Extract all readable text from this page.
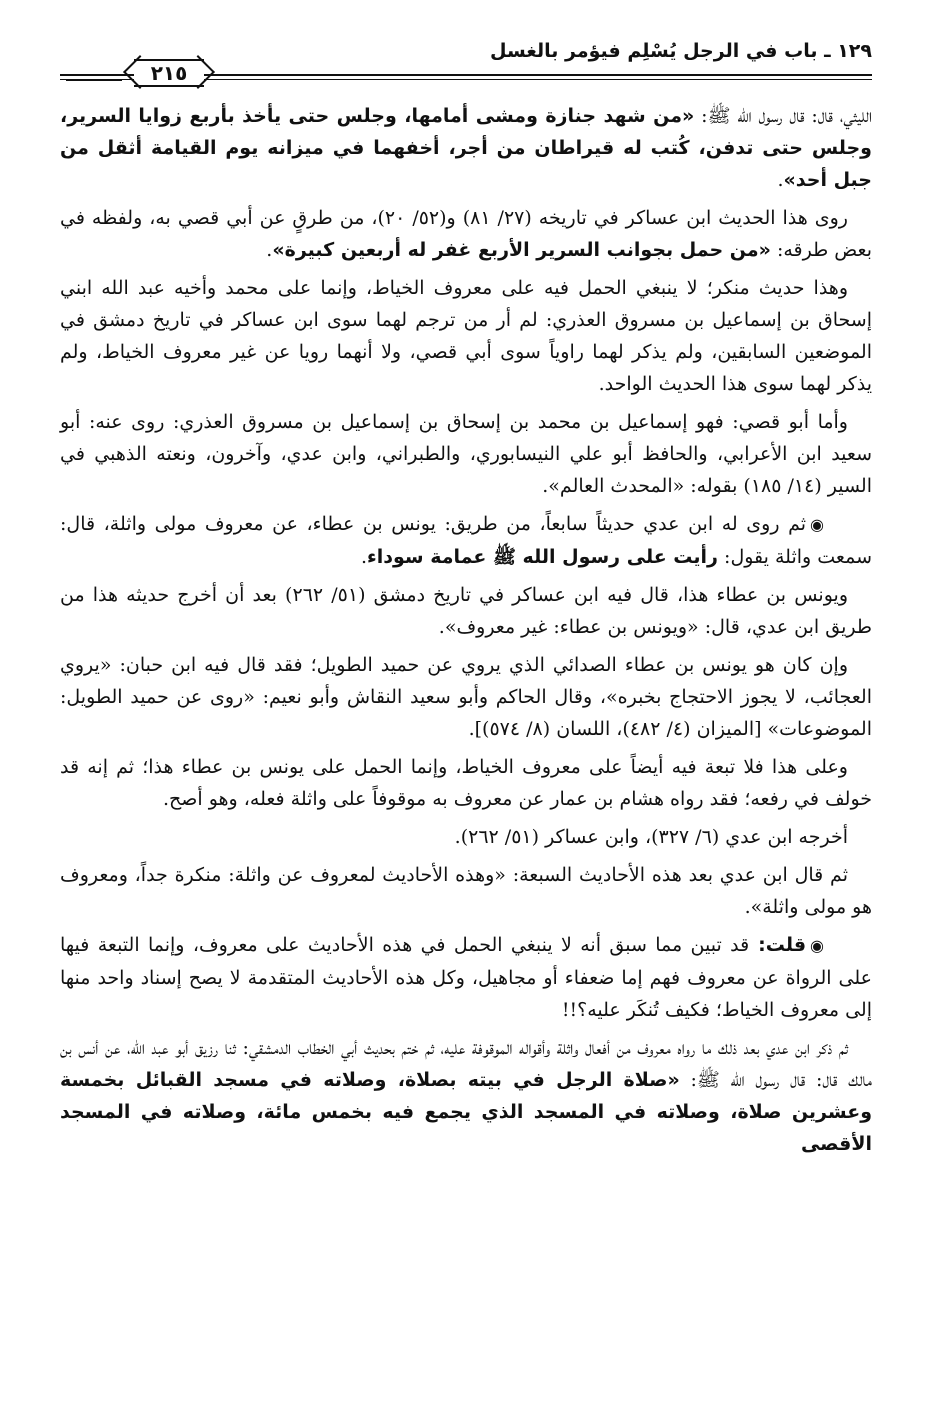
١٢٩ ـ باب في الرجل يُسْلِم فيؤمر بالغسل
٢١٥

الليثي، قال: قال رسول الله ﷺ: «من شهد جنازة ومشى أمامها، وجلس حتى يأخذ بأربع زوايا السرير، وجلس حتى تدفن، كُتب له قيراطان من أجر، أخفهما في ميزانه يوم القيامة أثقل من جبل أحد».

روى هذا الحديث ابن عساكر في تاريخه (٢٧/ ٨١) و(٥٢/ ٢٠)، من طرقٍ عن أبي قصي به، ولفظه في بعض طرقه: «من حمل بجوانب السرير الأربع غفر له أربعين كبيرة».

وهذا حديث منكر؛ لا ينبغي الحمل فيه على معروف الخياط، وإنما على محمد وأخيه عبد الله ابني إسحاق بن إسماعيل بن مسروق العذري: لم أر من ترجم لهما سوى ابن عساكر في تاريخ دمشق في الموضعين السابقين، ولم يذكر لهما راوياً سوى أبي قصي، ولا أنهما رويا عن غير معروف الخياط، ولم يذكر لهما سوى هذا الحديث الواحد.

وأما أبو قصي: فهو إسماعيل بن محمد بن إسحاق بن إسماعيل بن مسروق العذري: روى عنه: أبو سعيد ابن الأعرابي، والحافظ أبو علي النيسابوري، والطبراني، وابن عدي، وآخرون، ونعته الذهبي في السير (١٤/ ١٨٥) بقوله: «المحدث العالم».

◉ثم روى له ابن عدي حديثاً سابعاً، من طريق: يونس بن عطاء، عن معروف مولى واثلة، قال: سمعت واثلة يقول: رأيت على رسول الله ﷺ عمامة سوداء.

ويونس بن عطاء هذا، قال فيه ابن عساكر في تاريخ دمشق (٥١/ ٢٦٢) بعد أن أخرج حديثه هذا من طريق ابن عدي، قال: «ويونس بن عطاء: غير معروف».

وإن كان هو يونس بن عطاء الصدائي الذي يروي عن حميد الطويل؛ فقد قال فيه ابن حبان: «يروي العجائب، لا يجوز الاحتجاج بخبره»، وقال الحاكم وأبو سعيد النقاش وأبو نعيم: «روى عن حميد الطويل: الموضوعات» [الميزان (٤/ ٤٨٢)، اللسان (٨/ ٥٧٤)].

وعلى هذا فلا تبعة فيه أيضاً على معروف الخياط، وإنما الحمل على يونس بن عطاء هذا؛ ثم إنه قد خولف في رفعه؛ فقد رواه هشام بن عمار عن معروف به موقوفاً على واثلة فعله، وهو أصح.

أخرجه ابن عدي (٦/ ٣٢٧)، وابن عساكر (٥١/ ٢٦٢).

ثم قال ابن عدي بعد هذه الأحاديث السبعة: «وهذه الأحاديث لمعروف عن واثلة: منكرة جداً، ومعروف هو مولى واثلة».

◉قلت: قد تبين مما سبق أنه لا ينبغي الحمل في هذه الأحاديث على معروف، وإنما التبعة فيها على الرواة عن معروف فهم إما ضعفاء أو مجاهيل، وكل هذه الأحاديث المتقدمة لا يصح إسناد واحد منها إلى معروف الخياط؛ فكيف تُنكَر عليه؟!!

ثم ذكر ابن عدي بعد ذلك ما رواه معروف من أفعال واثلة وأقواله الموقوفة عليه، ثم ختم بحديث أبي الخطاب الدمشقي: ثنا رزيق أبو عبد الله، عن أنس بن مالك قال: قال رسول الله ﷺ: «صلاة الرجل في بيته بصلاة، وصلاته في مسجد القبائل بخمسة وعشرين صلاة، وصلاته في المسجد الذي يجمع فيه بخمس مائة، وصلاته في المسجد الأقصى
